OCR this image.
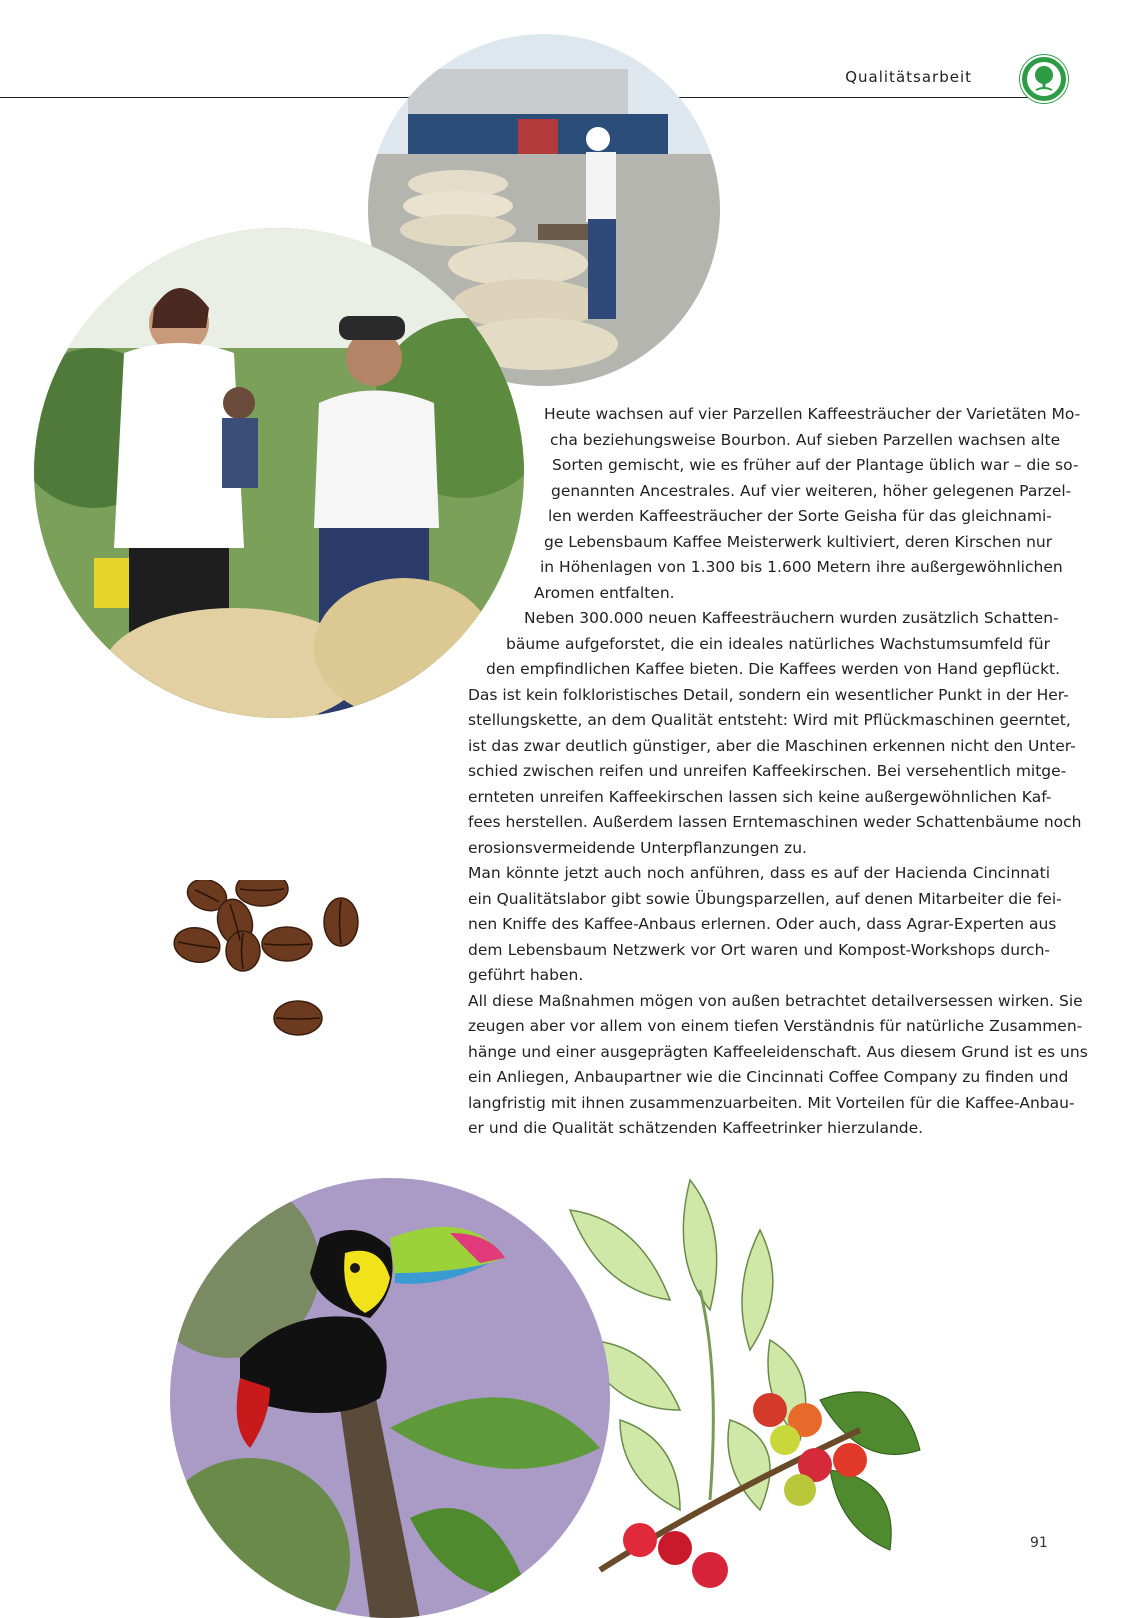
Qualitätsarbeit
Heute wachsen auf vier Parzellen Kaffeesträucher der Varietäten Mo-
cha beziehungsweise Bourbon. Auf sieben Parzellen wachsen alte
Sorten gemischt, wie es früher auf der Plantage üblich war – die so-
genannten Ancestrales. Auf vier weiteren, höher gelegenen Parzel-
len werden Kaffeesträucher der Sorte Geisha für das gleichnami-
ge Lebensbaum Kaffee Meisterwerk kultiviert, deren Kirschen nur
in Höhenlagen von 1.300 bis 1.600 Metern ihre außergewöhnlichen
Aromen entfalten.
Neben 300.000 neuen Kaffeesträuchern wurden zusätzlich Schatten-
bäume aufgeforstet, die ein ideales natürliches Wachstumsumfeld für
den empfindlichen Kaffee bieten. Die Kaffees werden von Hand gepflückt.
Das ist kein folkloristisches Detail, sondern ein wesentlicher Punkt in der Her-
stellungskette, an dem Qualität entsteht: Wird mit Pflückmaschinen geerntet,
ist das zwar deutlich günstiger, aber die Maschinen erkennen nicht den Unter-
schied zwischen reifen und unreifen Kaffeekirschen. Bei versehentlich mitge-
ernteten unreifen Kaffeekirschen lassen sich keine außergewöhnlichen Kaf-
fees herstellen. Außerdem lassen Erntemaschinen weder Schattenbäume noch
erosionsvermeidende Unterpflanzungen zu.
Man könnte jetzt auch noch anführen, dass es auf der Hacienda Cincinnati
ein Qualitätslabor gibt sowie Übungsparzellen, auf denen Mitarbeiter die fei-
nen Kniffe des Kaffee-Anbaus erlernen. Oder auch, dass Agrar-Experten aus
dem Lebensbaum Netzwerk vor Ort waren und Kompost-Workshops durch-
geführt haben.
All diese Maßnahmen mögen von außen betrachtet detailversessen wirken. Sie
zeugen aber vor allem von einem tiefen Verständnis für natürliche Zusammen-
hänge und einer ausgeprägten Kaffeeleidenschaft. Aus diesem Grund ist es uns
ein Anliegen, Anbaupartner wie die Cincinnati Coffee Company zu finden und
langfristig mit ihnen zusammenzuarbeiten. Mit Vorteilen für die Kaffee-Anbau-
er und die Qualität schätzenden Kaffeetrinker hierzulande.
91
